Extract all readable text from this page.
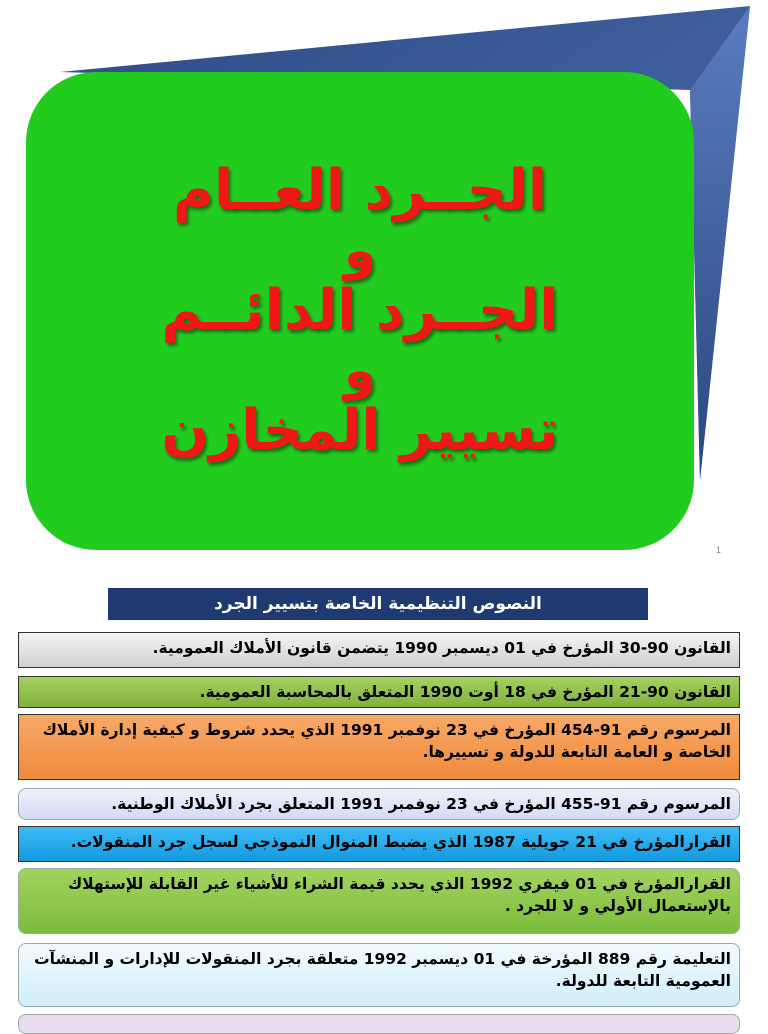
الجــرد العــام
و
الجــرد الدائــم
و
تسيير المخازن
1
النصوص التنظيمية الخاصة بتسيير الجرد
القانون 90-30 المؤرخ في 01 ديسمبر 1990 يتضمن قانون الأملاك العمومية.
القانون 90-21 المؤرخ في 18 أوت 1990 المتعلق بالمحاسبة العمومية.
المرسوم رقم 91-454 المؤرخ في 23 نوفمبر 1991 الذي يحدد شروط و كيفية إدارة الأملاك الخاصة و العامة التابعة للدولة و تسييرها.
المرسوم رقم 91-455 المؤرخ في 23 نوفمبر 1991 المتعلق بجرد الأملاك الوطنية.
القرارالمؤرخ في 21 جويلية 1987 الذي يضبط المنوال النموذجي لسجل جرد المنقولات.
القرارالمؤرخ في 01 فيفري 1992 الذي يحدد قيمة الشراء للأشياء غير القابلة للإستهلاك بالإستعمال الأولي و لا للجرد .
التعليمة رقم 889 المؤرخة في 01 ديسمبر 1992 متعلقة بجرد المنقولات للإدارات و المنشآت العمومية التابعة للدولة.
